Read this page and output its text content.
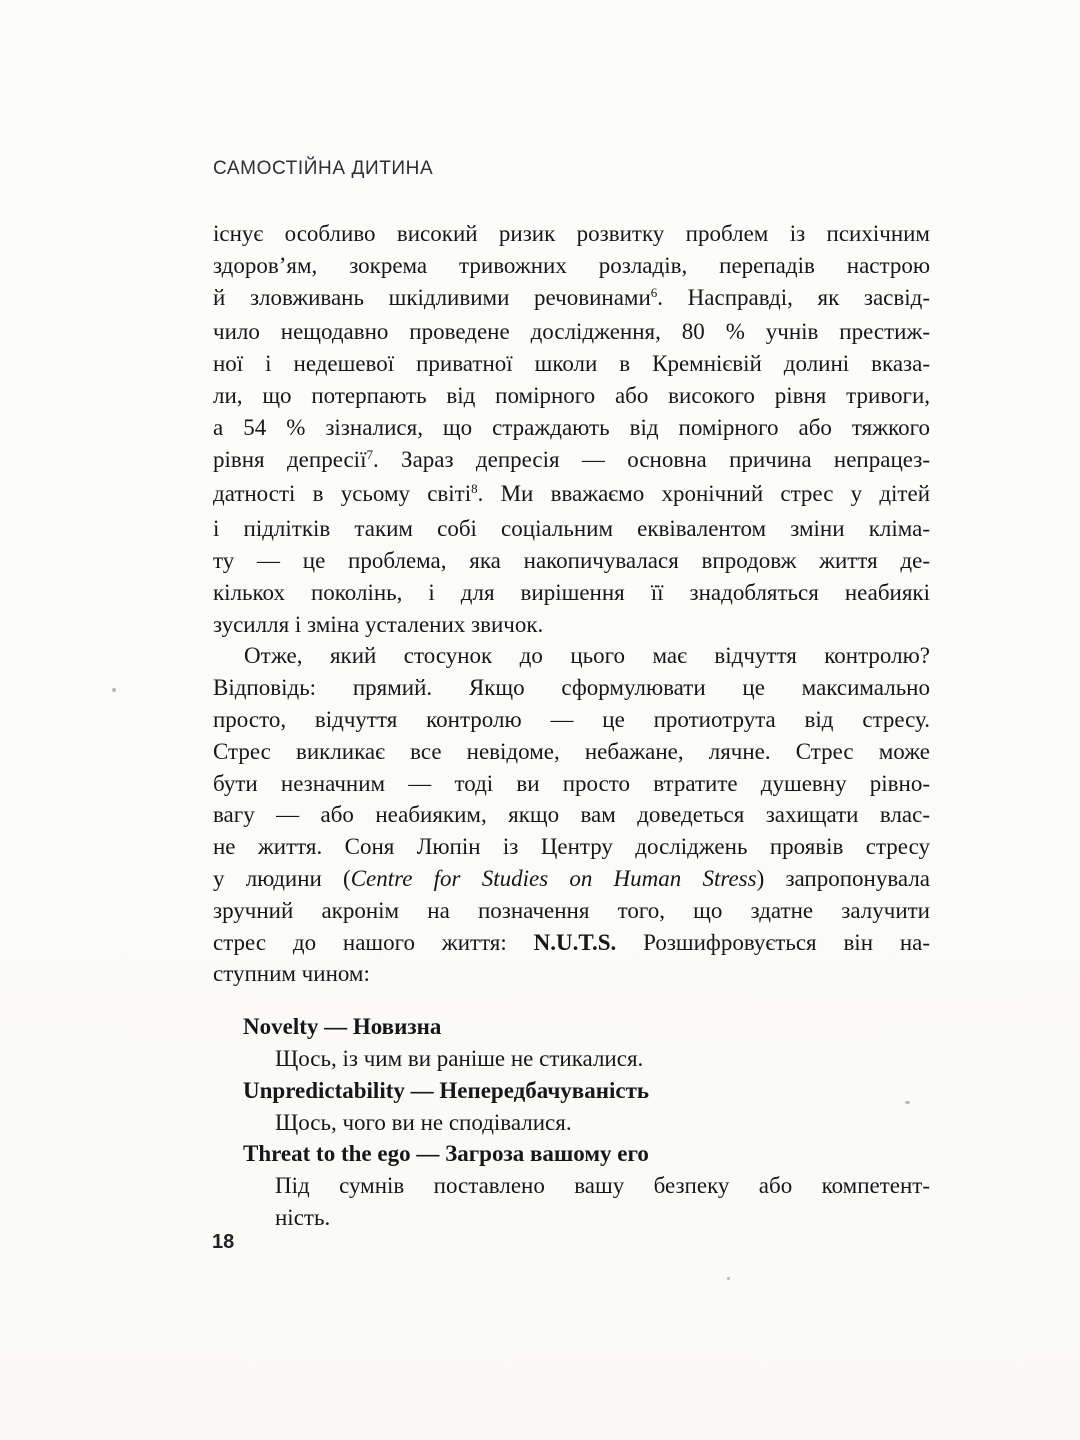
САМОСТІЙНА ДИТИНА
існує особливо високий ризик розвитку проблем із психічним
здоров’ям, зокрема тривожних розладів, перепадів настрою
й зловживань шкідливими речовинами$^6$. Насправді, як засвід-
чило нещодавно проведене дослідження, 80 % учнів престиж-
ної і недешевої приватної школи в Кремнієвій долині вказа-
ли, що потерпають від помірного або високого рівня тривоги,
а 54 % зізналися, що страждають від помірного або тяжкого
рівня депресії$^7$. Зараз депресія — основна причина непрацез-
датності в усьому світі$^8$. Ми вважаємо хронічний стрес у дітей
і підлітків таким собі соціальним еквівалентом зміни кліма-
ту — це проблема, яка накопичувалася впродовж життя де-
кількох поколінь, і для вирішення її знадобляться неабиякі
зусилля і зміна усталених звичок.
Отже, який стосунок до цього має відчуття контролю?
Відповідь: прямий. Якщо сформулювати це максимально
просто, відчуття контролю — це протиотрута від стресу.
Стрес викликає все невідоме, небажане, лячне. Стрес може
бути незначним — тоді ви просто втратите душевну рівно-
вагу — або неабияким, якщо вам доведеться захищати влас-
не життя. Соня Люпін із Центру досліджень проявів стресу
у людини (Centre for Studies on Human Stress) запропонувала
зручний акронім на позначення того, що здатне залучити
стрес до нашого життя: N.U.T.S. Розшифровується він на-
ступним чином:
Novelty — Новизна
Щось, із чим ви раніше не стикалися.
Unpredictability — Непередбачуваність
Щось, чого ви не сподівалися.
Threat to the ego — Загроза вашому его
Під сумнів поставлено вашу безпеку або компетент-
ність.
18
